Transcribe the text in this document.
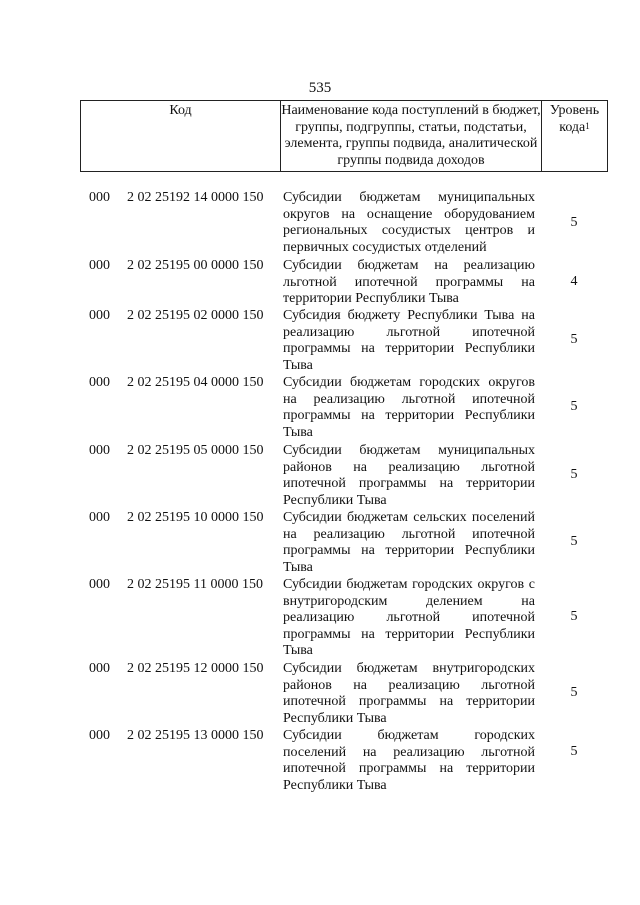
535
Код	Наименование кода поступлений в бюджет, группы, подгруппы, статьи, подстатьи, элемента, группы подвида, аналитической группы подвида доходов
Уровень кода$^1$
000 2 02 25192 14 0000 150 Субсидии бюджетам муниципальных округов на оснащение оборудованием региональных сосудистых центров и первичных сосудистых отделений
5
000 2 02 25195 00 0000 150 Субсидии бюджетам на реализацию льготной ипотечной программы на территории Республики Тыва
4
000 2 02 25195 02 0000 150 Субсидия бюджету Республики Тыва на реализацию льготной ипотечной программы на территории Республики Тыва
5
000 2 02 25195 04 0000 150 Субсидии бюджетам городских округов на реализацию льготной ипотечной программы на территории Республики Тыва
5
000 2 02 25195 05 0000 150 Субсидии бюджетам муниципальных районов на реализацию льготной ипотечной программы на территории Республики Тыва
5
000 2 02 25195 10 0000 150 Субсидии бюджетам сельских поселений на реализацию льготной ипотечной программы на территории Республики Тыва
5
000 2 02 25195 11 0000 150 Субсидии бюджетам городских округов с внутригородским делением на реализацию льготной ипотечной программы на территории Республики Тыва
5
000 2 02 25195 12 0000 150 Субсидии бюджетам внутригородских районов на реализацию льготной ипотечной программы на территории Республики Тыва
5
000 2 02 25195 13 0000 150 Субсидии бюджетам городских поселений на реализацию льготной ипотечной программы на территории Республики Тыва
5
